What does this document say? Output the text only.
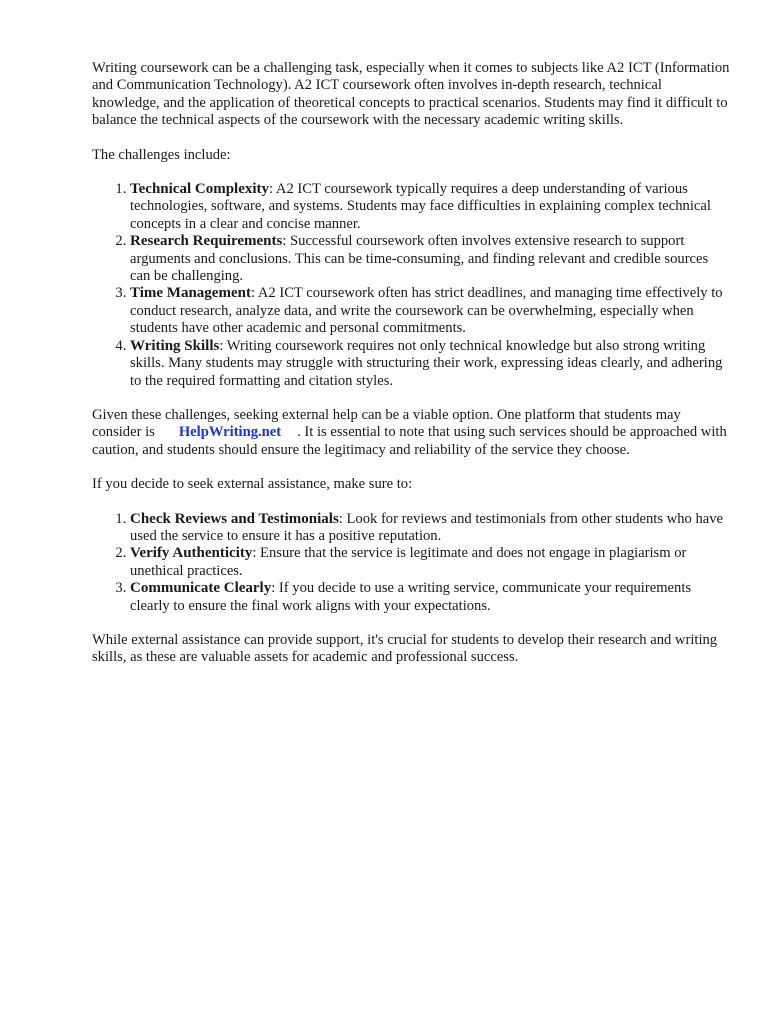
Writing coursework can be a challenging task, especially when it comes to subjects like A2 ICT (Information and Communication Technology). A2 ICT coursework often involves in-depth research, technical knowledge, and the application of theoretical concepts to practical scenarios. Students may find it difficult to balance the technical aspects of the coursework with the necessary academic writing skills.

The challenges include:

1. Technical Complexity: A2 ICT coursework typically requires a deep understanding of various technologies, software, and systems. Students may face difficulties in explaining complex technical concepts in a clear and concise manner.
2. Research Requirements: Successful coursework often involves extensive research to support arguments and conclusions. This can be time-consuming, and finding relevant and credible sources can be challenging.
3. Time Management: A2 ICT coursework often has strict deadlines, and managing time effectively to conduct research, analyze data, and write the coursework can be overwhelming, especially when students have other academic and personal commitments.
4. Writing Skills: Writing coursework requires not only technical knowledge but also strong writing skills. Many students may struggle with structuring their work, expressing ideas clearly, and adhering to the required formatting and citation styles.

Given these challenges, seeking external help can be a viable option. One platform that students may consider is HelpWriting.net . It is essential to note that using such services should be approached with caution, and students should ensure the legitimacy and reliability of the service they choose.

If you decide to seek external assistance, make sure to:

1. Check Reviews and Testimonials: Look for reviews and testimonials from other students who have used the service to ensure it has a positive reputation.
2. Verify Authenticity: Ensure that the service is legitimate and does not engage in plagiarism or unethical practices.
3. Communicate Clearly: If you decide to use a writing service, communicate your requirements clearly to ensure the final work aligns with your expectations.

While external assistance can provide support, it's crucial for students to develop their research and writing skills, as these are valuable assets for academic and professional success.
